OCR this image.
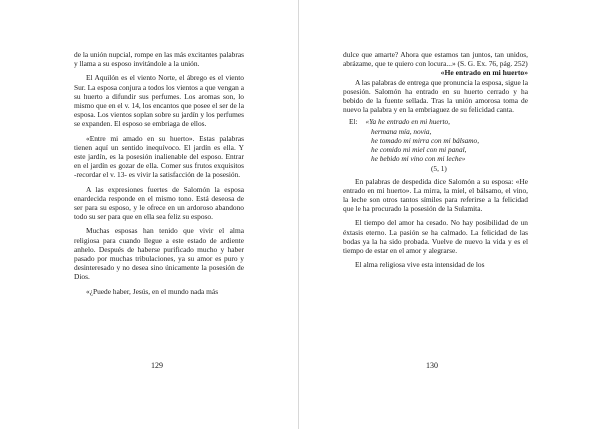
de la unión nupcial, rompe en las más excitantes palabras y llama a su esposo invitándole a la unión.

El Aquilón es el viento Norte, el ábrego es el viento Sur. La esposa conjura a todos los vientos a que vengan a su huerto a difundir sus perfumes. Los aromas son, lo mismo que en el v. 14, los encantos que posee el ser de la esposa. Los vientos soplan sobre su jardín y los perfumes se expanden. El esposo se embriaga de ellos.

«Entre mi amado en su huerto». Estas palabras tienen aquí un sentido inequívoco. El jardín es ella. Y este jardín, es la posesión inalienable del esposo. Entrar en el jardín es gozar de ella. Comer sus frutos exquisitos -recordar el v. 13- es vivir la satisfacción de la posesión.

A las expresiones fuertes de Salomón la esposa enardecida responde en el mismo tono. Está deseosa de ser para su esposo, y le ofrece en un ardoroso abandono todo su ser para que en ella sea feliz su esposo.

Muchas esposas han tenido que vivir el alma religiosa para cuando llegue a este estado de ardiente anhelo. Después de haberse purificado mucho y haber pasado por muchas tribulaciones, ya su amor es puro y desinteresado y no desea sino únicamente la posesión de Dios.

«¿Puede haber, Jesús, en el mundo nada más

129

dulce que amarte? Ahora que estamos tan juntos, tan unidos, abrázame, que te quiero con locura...» (S. G. Ex. 76, pág. 252)

«He entrado en mi huerto»

A las palabras de entrega que pronuncia la esposa, sigue la posesión. Salomón ha entrado en su huerto cerrado y ha bebido de la fuente sellada. Tras la unión amorosa toma de nuevo la palabra y en la embriaguez de su felicidad canta.

El: «Ya he entrado en mi huerto,
hermana mía, novia,
he tomado mi mirra con mi bálsamo,
he comido mi miel con mi panal,
he bebido mi vino con mi leche»
(5, 1)

En palabras de despedida dice Salomón a su esposa: «He entrado en mi huerto». La mirra, la miel, el bálsamo, el vino, la leche son otros tantos símiles para referirse a la felicidad que le ha procurado la posesión de la Sulamita.

El tiempo del amor ha cesado. No hay posibilidad de un éxtasis eterno. La pasión se ha calmado. La felicidad de las bodas ya la ha sido probada. Vuelve de nuevo la vida y es el tiempo de estar en el amor y alegrarse.

El alma religiosa vive esta intensidad de los

130
